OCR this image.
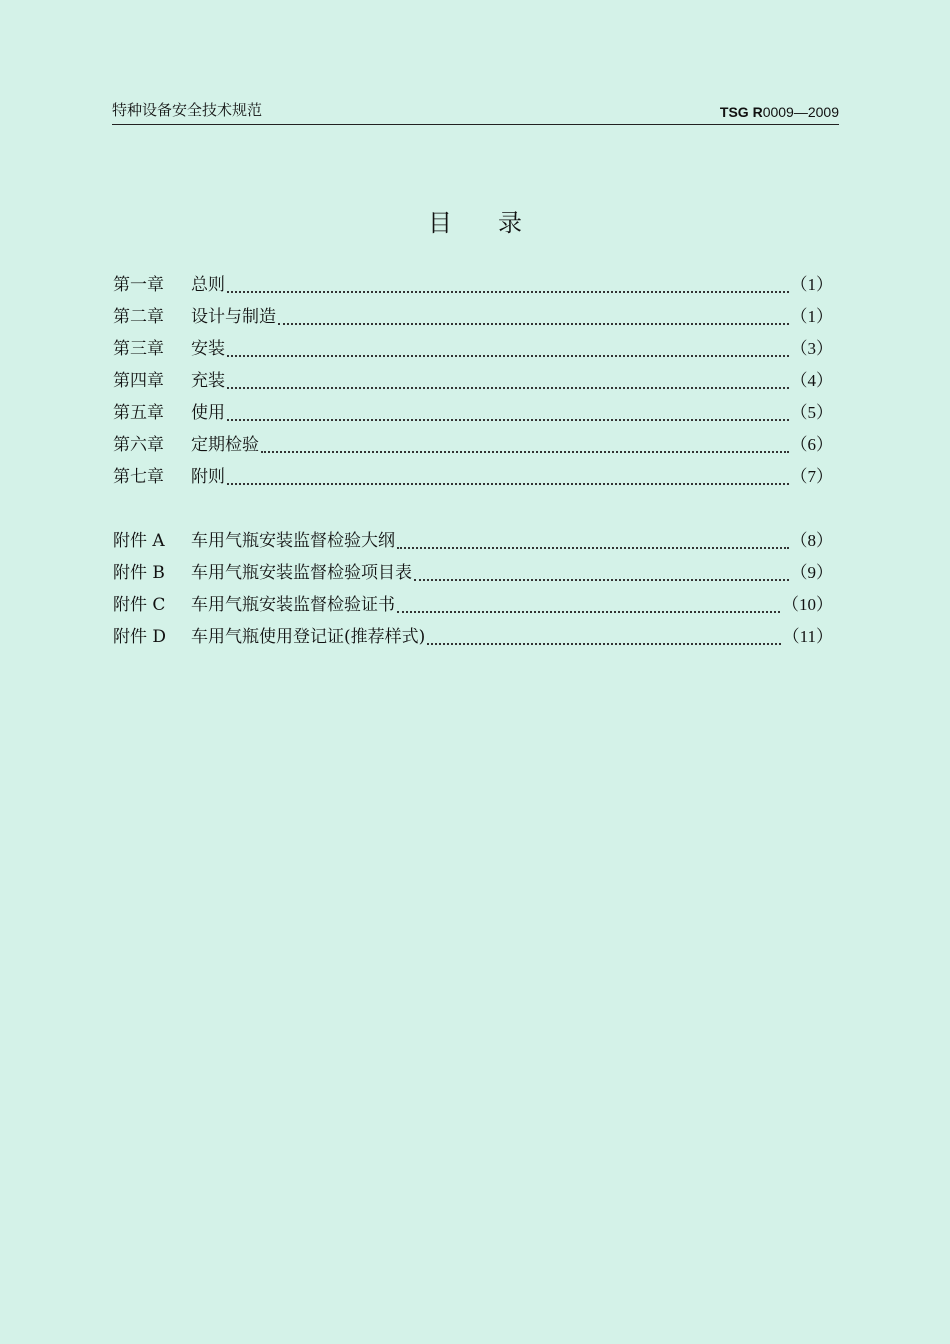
特种设备安全技术规范	TSG R0009—2009
目录
第一章	总则	（1）
第二章	设计与制造	（1）
第三章	安装	（3）
第四章	充装	（4）
第五章	使用	（5）
第六章	定期检验	（6）
第七章	附则	（7）
附件 A	车用气瓶安装监督检验大纲	（8）
附件 B	车用气瓶安装监督检验项目表	（9）
附件 C	车用气瓶安装监督检验证书	（10）
附件 D	车用气瓶使用登记证(推荐样式)	（11）
